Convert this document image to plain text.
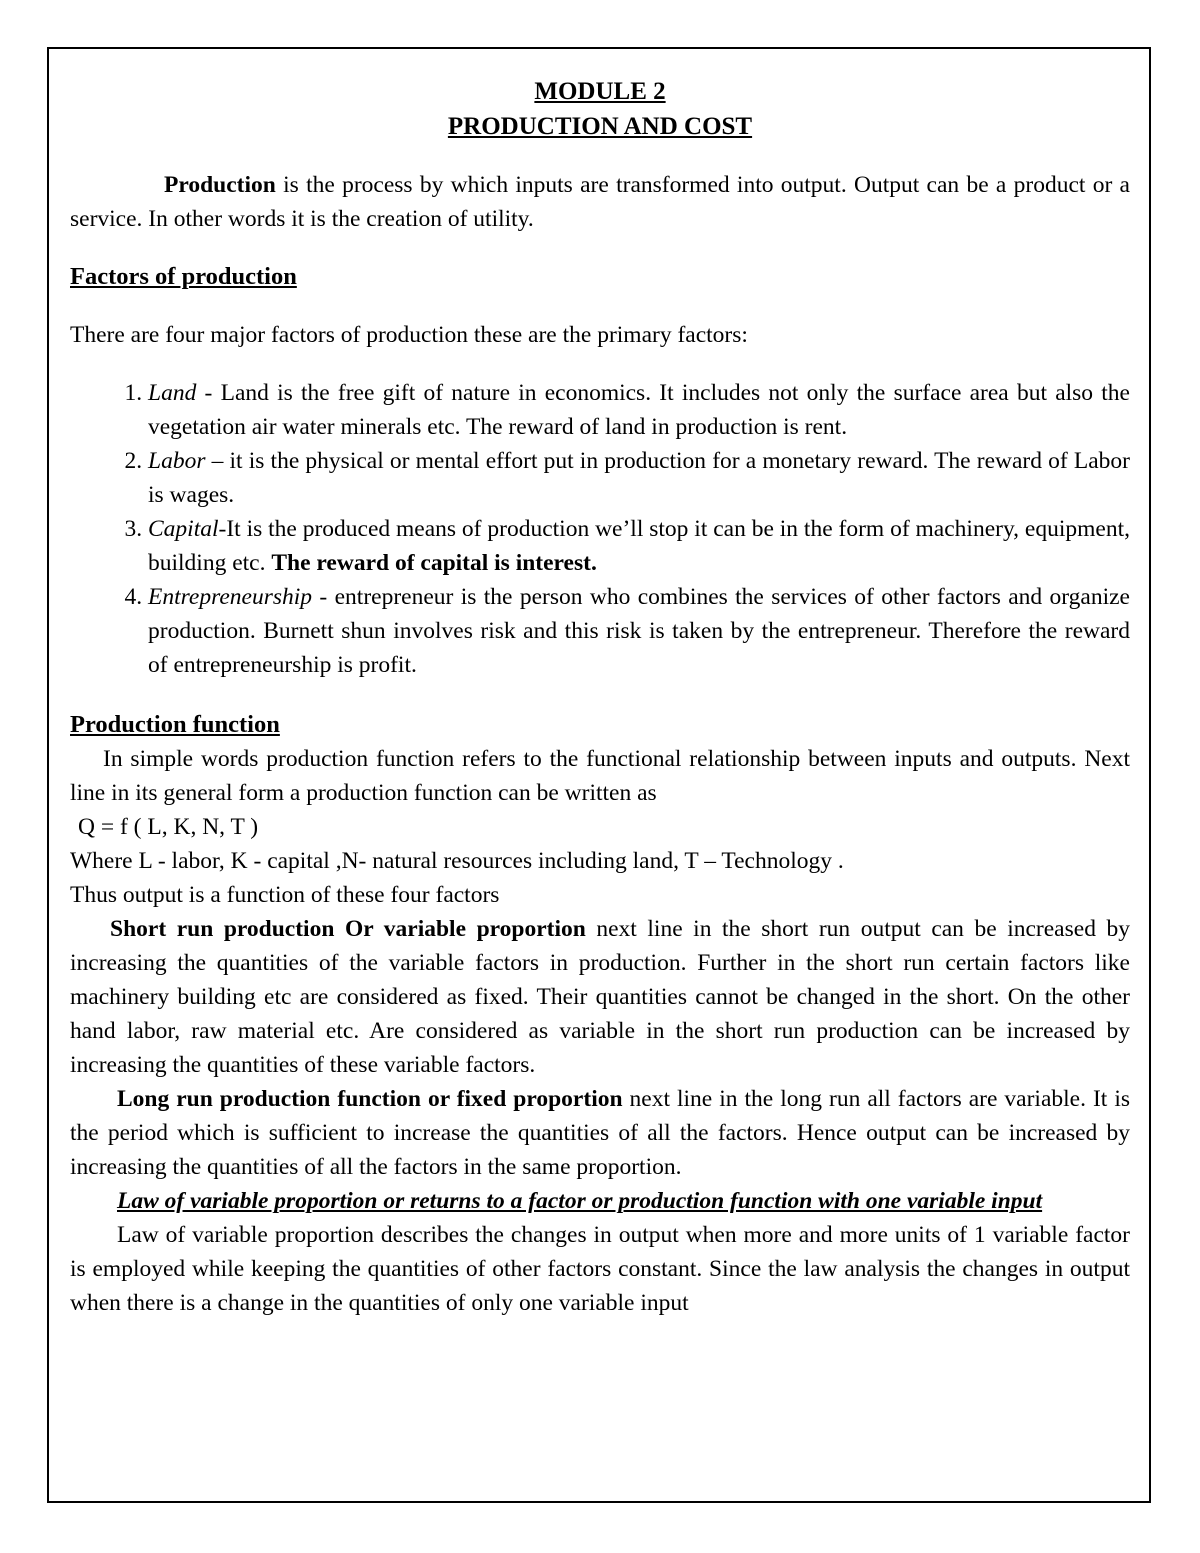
MODULE 2
PRODUCTION AND COST
Production is the process by which inputs are transformed into output. Output can be a product or a service. In other words it is the creation of utility.
Factors of production
There are four major factors of production these are the primary factors:
1. Land - Land is the free gift of nature in economics. It includes not only the surface area but also the vegetation air water minerals etc. The reward of land in production is rent.
2. Labor – it is the physical or mental effort put in production for a monetary reward. The reward of Labor is wages.
3. Capital-It is the produced means of production we’ll stop it can be in the form of machinery, equipment, building etc. The reward of capital is interest.
4. Entrepreneurship - entrepreneur is the person who combines the services of other factors and organize production. Burnett shun involves risk and this risk is taken by the entrepreneur. Therefore the reward of entrepreneurship is profit.
Production function
In simple words production function refers to the functional relationship between inputs and outputs. Next line in its general form a production function can be written as
Q = f ( L, K, N, T )
Where L - labor, K - capital ,N- natural resources including land, T – Technology .
Thus output is a function of these four factors
Short run production Or variable proportion next line in the short run output can be increased by increasing the quantities of the variable factors in production. Further in the short run certain factors like machinery building etc are considered as fixed. Their quantities cannot be changed in the short. On the other hand labor, raw material etc. Are considered as variable in the short run production can be increased by increasing the quantities of these variable factors.
Long run production function or fixed proportion next line in the long run all factors are variable. It is the period which is sufficient to increase the quantities of all the factors. Hence output can be increased by increasing the quantities of all the factors in the same proportion.
Law of variable proportion or returns to a factor or production function with one variable input
Law of variable proportion describes the changes in output when more and more units of 1 variable factor is employed while keeping the quantities of other factors constant. Since the law analysis the changes in output when there is a change in the quantities of only one variable input
